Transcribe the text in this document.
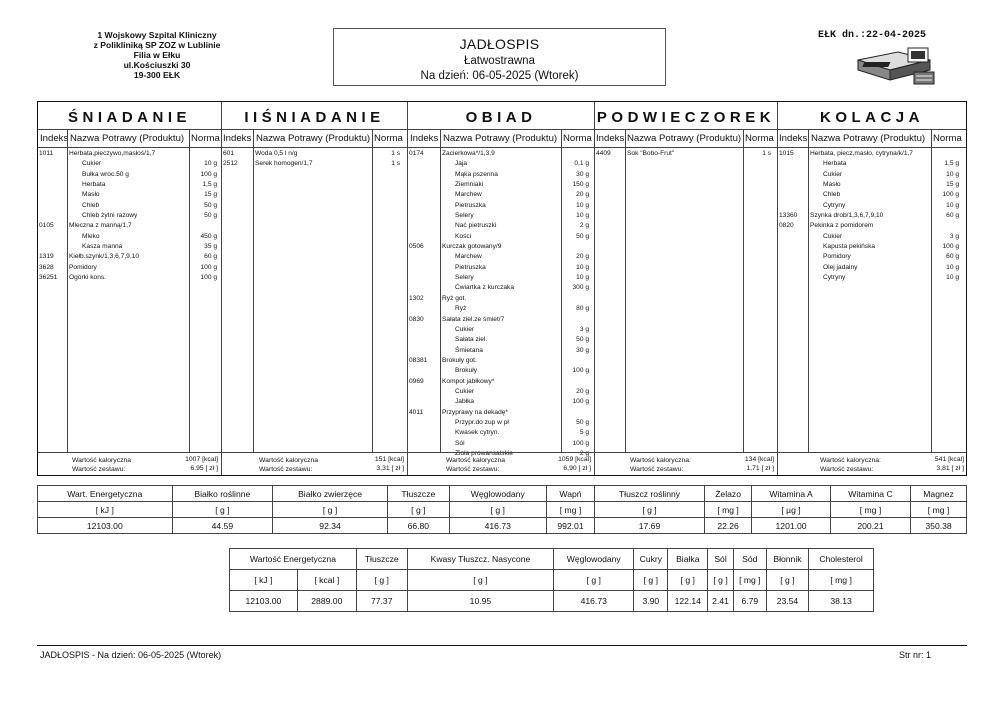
1 Wojskowy Szpital Kliniczny
z Polikliniką SP ZOZ w Lublinie
Filia w Ełku
ul.Kościuszki 30
19-300 EŁK
JADŁOSPIS
Łatwostrawna
Na dzień: 06-05-2025 (Wtorek)
EŁK dn.:22-04-2025
ŚNIADANIE
Indeks Nazwa Potrawy (Produktu) Norma
1011 Herbata,pieczywo,masłoś/1,7
Cukier	10 g
Bułka wroc.50 g	100 g
Herbata	1,5 g
Masło	15 g
Chleb	50 g
Chleb żytni razowy	50 g
0105 Mleczna z manną/1,7
Mleko	450 g
Kasza manna	35 g
1319 Kiełb.szynk/1,3,6,7,9,10	60 g
3628 Pomidory	100 g
36251 Ogórki kons.	100 g
Wartość kaloryczna	1007 [kcal]
Wartość zestawu:	6,95 [ zł ]
IIŚNIADANIE
Indeks Nazwa Potrawy (Produktu) Norma
601	Woda 0,5 l n/g	1 s
2512	Serek homogen/1,7	1 s
Wartość kaloryczna	151 [kcal]
Wartość zestawu:	3,31 [ zł ]
OBIAD
Indeks Nazwa Potrawy (Produktu) Norma
0174	Zacierkowa*/1,3,9
Jaja	0,1 g
Mąka pszenna	30 g
Ziemniaki	150 g
Marchew	20 g
Pietruszka	10 g
Selery	10 g
Nać pietruszki	2 g
Kości	50 g
0506	Kurczak gotowany/9
Marchew	20 g
Pietruszka	10 g
Selery	10 g
Ćwiartka z kurczaka	300 g
1302	Ryż got.
Ryż	80 g
0830	Sałata ziel.ze śmiet/7
Cukier	3 g
Sałata ziel.	50 g
Śmietana	30 g
08381 Brokuły got.
Brokuły	100 g
0969	Kompot jabłkowy*
Cukier	20 g
Jabłka	100 g
4011	Przyprawy na dekadę*
Przypr.do zup w pł	50 g
Kwasek cytryn.	5 g
Sól	100 g
Zioła prowansalskie	2 g
Wartość kaloryczna	1059 [kcal]
Wartość zestawu:	6,90 [ zł ]
PODWIECZOREK
Indeks Nazwa Potrawy (Produktu) Norma
4409 Sok "Bobo-Frut"	1 s
Wartość kaloryczna:	134 [kcal]
Wartość zestawu:	1,71 [ zł ]
KOLACJA
Indeks Nazwa Potrawy (Produktu) Norma
1015 Herbata, piecz,masło, cytryna/k/1,7
Herbata	1,5 g
Cukier	10 g
Masło	15 g
Chleb	100 g
Cytryny	10 g
13360 Szynka drob/1,3,6,7,9,10	60 g
0820 Pekinka z pomidorem
Cukier	3 g
Kapusta pekińska	100 g
Pomidory	60 g
Olej jadalny	10 g
Cytryny	10 g
Wartość kaloryczna:	541 [kcal]
Wartość zestawu:	3,81 [ zł ]
Wart. Energetyczna	Białko roślinne	Białko zwierzęce	Tłuszcze	Węglowodany	Wapń	Tłuszcz roślinny	Żelazo	Witamina A	Witamina C	Magnez
[ kJ ]	[ g ]	[ g ]	[ g ]	[ g ]	[ mg ]	[ g ]	[ mg ]	[ µg ]	[ mg ]	[ mg ]
12103.00	44.59	92.34	66.80	416.73	992.01	17.69	22.26	1201.00	200.21	350.38
Wartość Energetyczna		Tłuszcze	Kwasy Tłuszcz. Nasycone	Węglowodany	Cukry	Białka	Sól	Sód	Błonnik	Cholesterol
[ kJ ]	[ kcal ]	[ g ]	[ g ]	[ g ]	[ g ]	[ g ]	[ g ]	[ mg ]	[ g ]	[ mg ]
12103.00	2889.00	77.37	10.95	416.73	3.90	122.14	2.41	6.79	23.54	38.13
JADŁOSPIS - Na dzień: 06-05-2025 (Wtorek)	Str nr: 1
